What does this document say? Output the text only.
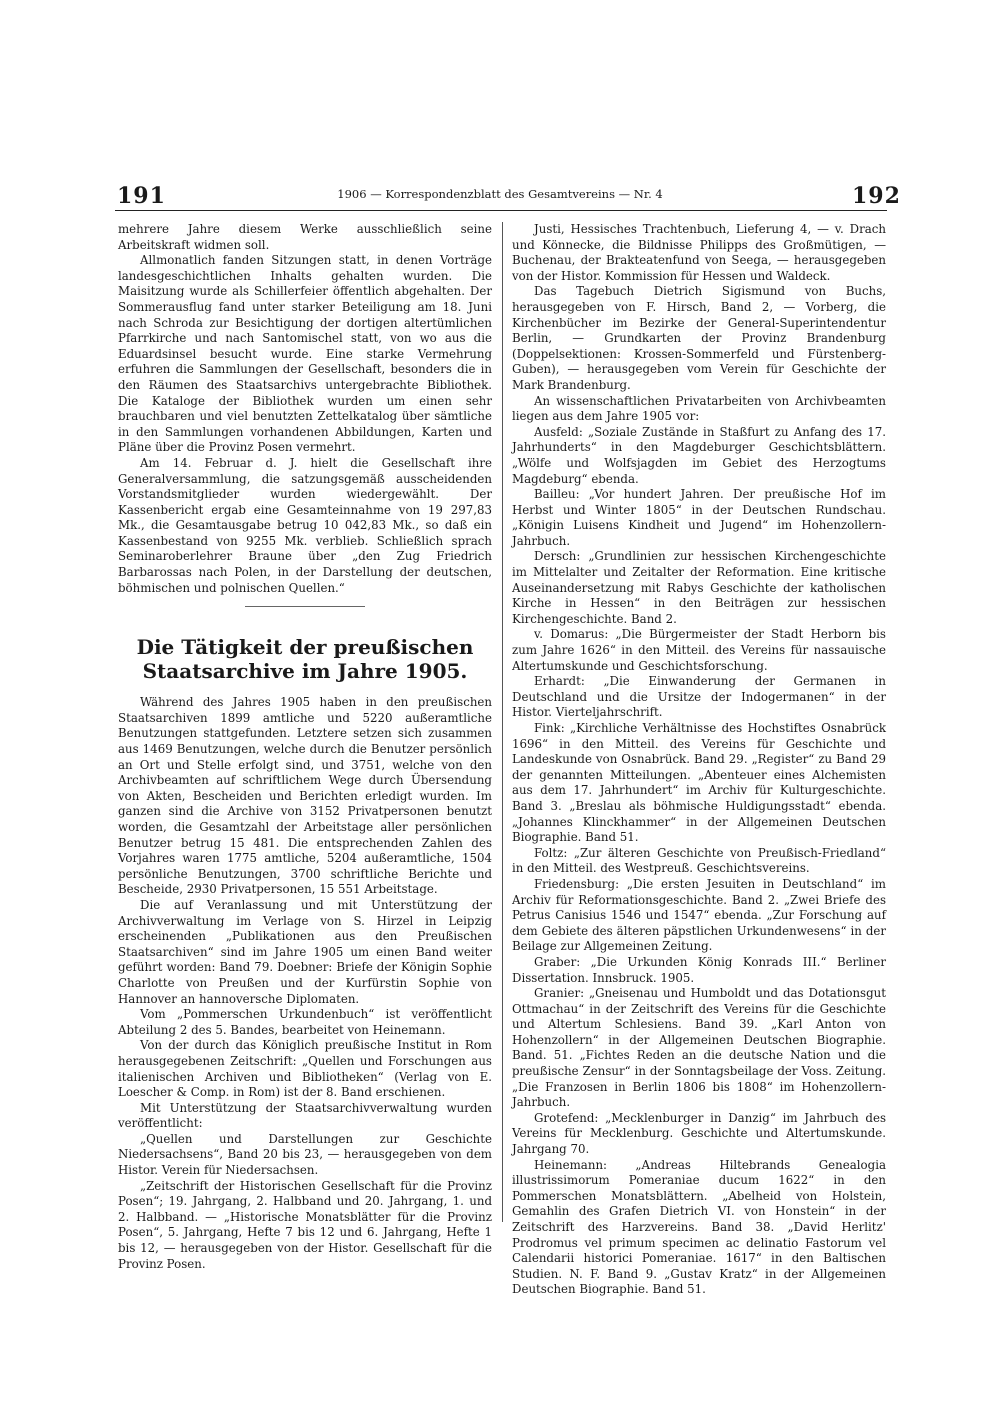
191	1906 — Korrespondenzblatt des Gesamtvereins — Nr. 4	192

mehrere Jahre diesem Werke ausschließlich seine Arbeitskraft widmen soll.

Allmonatlich fanden Sitzungen statt, in denen Vorträge landesgeschichtlichen Inhalts gehalten wurden. Die Maisitzung wurde als Schillerfeier öffentlich abgehalten. Der Sommerausflug fand unter starker Beteiligung am 18. Juni nach Schroda zur Besichtigung der dortigen altertümlichen Pfarrkirche und nach Santomischel statt, von wo aus die Eduardsinsel besucht wurde. Eine starke Vermehrung erfuhren die Sammlungen der Gesellschaft, besonders die in den Räumen des Staatsarchivs untergebrachte Bibliothek. Die Kataloge der Bibliothek wurden um einen sehr brauchbaren und viel benutzten Zettelkatalog über sämtliche in den Sammlungen vorhandenen Abbildungen, Karten und Pläne über die Provinz Posen vermehrt.

Am 14. Februar d. J. hielt die Gesellschaft ihre Generalversammlung, die satzungsgemäß ausscheidenden Vorstandsmitglieder wurden wiedergewählt. Der Kassenbericht ergab eine Gesamteinnahme von 19 297,83 Mk., die Gesamtausgabe betrug 10 042,83 Mk., so daß ein Kassenbestand von 9255 Mk. verblieb. Schließlich sprach Seminaroberlehrer Braune über „den Zug Friedrich Barbarossas nach Polen, in der Darstellung der deutschen, böhmischen und polnischen Quellen.“

Die Tätigkeit der preußischen Staatsarchive im Jahre 1905.

Während des Jahres 1905 haben in den preußischen Staatsarchiven 1899 amtliche und 5220 außeramtliche Benutzungen stattgefunden. Letztere setzen sich zusammen aus 1469 Benutzungen, welche durch die Benutzer persönlich an Ort und Stelle erfolgt sind, und 3751, welche von den Archivbeamten auf schriftlichem Wege durch Übersendung von Akten, Bescheiden und Berichten erledigt wurden. Im ganzen sind die Archive von 3152 Privatpersonen benutzt worden, die Gesamtzahl der Arbeitstage aller persönlichen Benutzer betrug 15 481. Die entsprechenden Zahlen des Vorjahres waren 1775 amtliche, 5204 außeramtliche, 1504 persönliche Benutzungen, 3700 schriftliche Berichte und Bescheide, 2930 Privatpersonen, 15 551 Arbeitstage.

Die auf Veranlassung und mit Unterstützung der Archivverwaltung im Verlage von S. Hirzel in Leipzig erscheinenden „Publikationen aus den Preußischen Staatsarchiven“ sind im Jahre 1905 um einen Band weiter geführt worden: Band 79. Doebner: Briefe der Königin Sophie Charlotte von Preußen und der Kurfürstin Sophie von Hannover an hannoversche Diplomaten.

Vom „Pommerschen Urkundenbuch“ ist veröffentlicht Abteilung 2 des 5. Bandes, bearbeitet von Heinemann.

Von der durch das Königlich preußische Institut in Rom herausgegebenen Zeitschrift: „Quellen und Forschungen aus italienischen Archiven und Bibliotheken“ (Verlag von E. Loescher & Comp. in Rom) ist der 8. Band erschienen.

Mit Unterstützung der Staatsarchivverwaltung wurden veröffentlicht:

„Quellen und Darstellungen zur Geschichte Niedersachsens“, Band 20 bis 23, — herausgegeben von dem Histor. Verein für Niedersachsen.

„Zeitschrift der Historischen Gesellschaft für die Provinz Posen“; 19. Jahrgang, 2. Halbband und 20. Jahrgang, 1. und 2. Halbband. — „Historische Monatsblätter für die Provinz Posen“, 5. Jahrgang, Hefte 7 bis 12 und 6. Jahrgang, Hefte 1 bis 12, — herausgegeben von der Histor. Gesellschaft für die Provinz Posen.

Justi, Hessisches Trachtenbuch, Lieferung 4, — v. Drach und Könnecke, die Bildnisse Philipps des Großmütigen, — Buchenau, der Brakteatenfund von Seega, — herausgegeben von der Histor. Kommission für Hessen und Waldeck.

Das Tagebuch Dietrich Sigismund von Buchs, herausgegeben von F. Hirsch, Band 2, — Vorberg, die Kirchenbücher im Bezirke der General-Superintendentur Berlin, — Grundkarten der Provinz Brandenburg (Doppelsektionen: Krossen-Sommerfeld und Fürstenberg-Guben), — herausgegeben vom Verein für Geschichte der Mark Brandenburg.

An wissenschaftlichen Privatarbeiten von Archivbeamten liegen aus dem Jahre 1905 vor:

Ausfeld: „Soziale Zustände in Staßfurt zu Anfang des 17. Jahrhunderts“ in den Magdeburger Geschichtsblättern. „Wölfe und Wolfsjagden im Gebiet des Herzogtums Magdeburg“ ebenda.

Bailleu: „Vor hundert Jahren. Der preußische Hof im Herbst und Winter 1805“ in der Deutschen Rundschau. „Königin Luisens Kindheit und Jugend“ im Hohenzollern-Jahrbuch.

Dersch: „Grundlinien zur hessischen Kirchengeschichte im Mittelalter und Zeitalter der Reformation. Eine kritische Auseinandersetzung mit Rabys Geschichte der katholischen Kirche in Hessen“ in den Beiträgen zur hessischen Kirchengeschichte. Band 2.

v. Domarus: „Die Bürgermeister der Stadt Herborn bis zum Jahre 1626“ in den Mitteil. des Vereins für nassauische Altertumskunde und Geschichtsforschung.

Erhardt: „Die Einwanderung der Germanen in Deutschland und die Ursitze der Indogermanen“ in der Histor. Vierteljahrschrift.

Fink: „Kirchliche Verhältnisse des Hochstiftes Osnabrück 1696“ in den Mitteil. des Vereins für Geschichte und Landeskunde von Osnabrück. Band 29. „Register“ zu Band 29 der genannten Mitteilungen. „Abenteuer eines Alchemisten aus dem 17. Jahrhundert“ im Archiv für Kulturgeschichte. Band 3. „Breslau als böhmische Huldigungsstadt“ ebenda. „Johannes Klinckhammer“ in der Allgemeinen Deutschen Biographie. Band 51.

Foltz: „Zur älteren Geschichte von Preußisch-Friedland“ in den Mitteil. des Westpreuß. Geschichtsvereins.

Friedensburg: „Die ersten Jesuiten in Deutschland“ im Archiv für Reformationsgeschichte. Band 2. „Zwei Briefe des Petrus Canisius 1546 und 1547“ ebenda. „Zur Forschung auf dem Gebiete des älteren päpstlichen Urkundenwesens“ in der Beilage zur Allgemeinen Zeitung.

Graber: „Die Urkunden König Konrads III.“ Berliner Dissertation. Innsbruck. 1905.

Granier: „Gneisenau und Humboldt und das Dotationsgut Ottmachau“ in der Zeitschrift des Vereins für die Geschichte und Altertum Schlesiens. Band 39. „Karl Anton von Hohenzollern“ in der Allgemeinen Deutschen Biographie. Band. 51. „Fichtes Reden an die deutsche Nation und die preußische Zensur“ in der Sonntagsbeilage der Voss. Zeitung. „Die Franzosen in Berlin 1806 bis 1808“ im Hohenzollern-Jahrbuch.

Grotefend: „Mecklenburger in Danzig“ im Jahrbuch des Vereins für Mecklenburg. Geschichte und Altertumskunde. Jahrgang 70.

Heinemann: „Andreas Hiltebrands Genealogia illustrissimorum Pomeraniae ducum 1622“ in den Pommerschen Monatsblättern. „Abelheid von Holstein, Gemahlin des Grafen Dietrich VI. von Honstein“ in der Zeitschrift des Harzvereins. Band 38. „David Herlitz' Prodromus vel primum specimen ac delinatio Fastorum vel Calendarii historici Pomeraniae. 1617“ in den Baltischen Studien. N. F. Band 9. „Gustav Kratz“ in der Allgemeinen Deutschen Biographie. Band 51.
